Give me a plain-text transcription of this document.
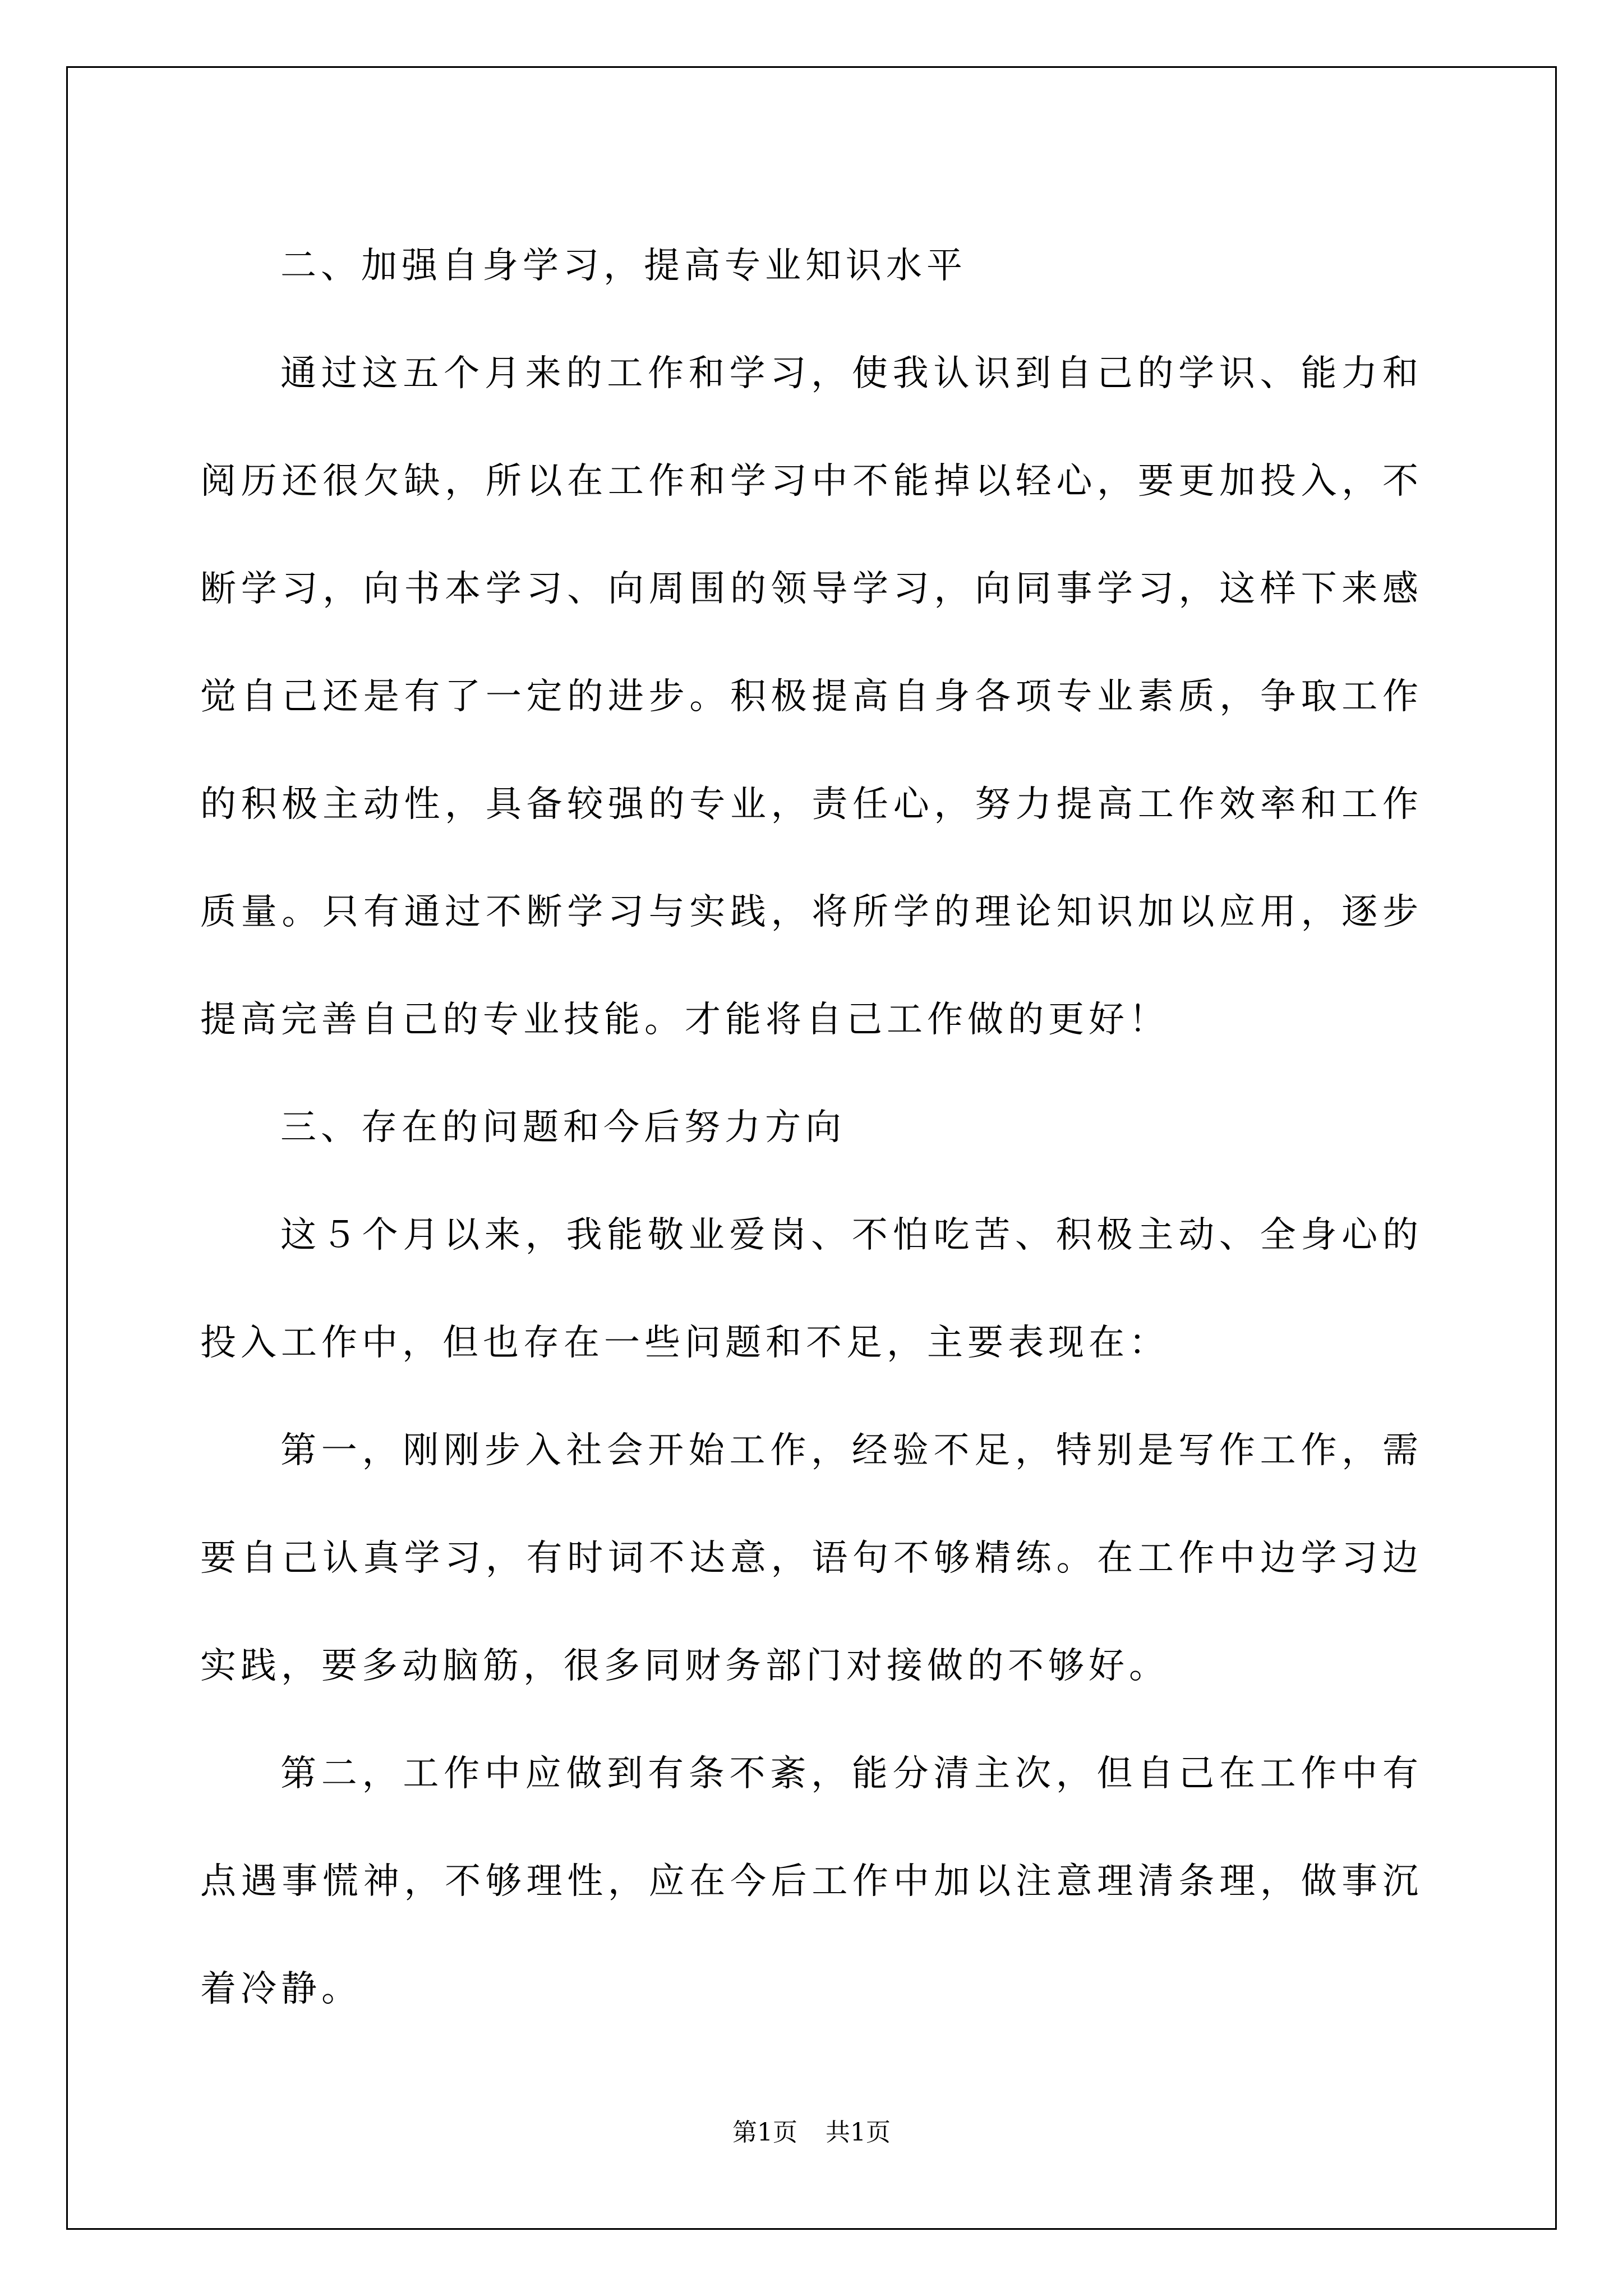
二、加强自身学习，提高专业知识水平

通过这五个月来的工作和学习，使我认识到自己的学识、能力和阅历还很欠缺，所以在工作和学习中不能掉以轻心，要更加投入，不断学习，向书本学习、向周围的领导学习，向同事学习，这样下来感觉自己还是有了一定的进步。积极提高自身各项专业素质，争取工作的积极主动性，具备较强的专业，责任心，努力提高工作效率和工作质量。只有通过不断学习与实践，将所学的理论知识加以应用，逐步提高完善自己的专业技能。才能将自己工作做的更好！

三、存在的问题和今后努力方向

这５个月以来，我能敬业爱岗、不怕吃苦、积极主动、全身心的投入工作中，但也存在一些问题和不足，主要表现在：

第一，刚刚步入社会开始工作，经验不足，特别是写作工作，需要自己认真学习，有时词不达意，语句不够精练。在工作中边学习边实践，要多动脑筋，很多同财务部门对接做的不够好。

第二，工作中应做到有条不紊，能分清主次，但自己在工作中有点遇事慌神，不够理性，应在今后工作中加以注意理清条理，做事沉着冷静。

第1页 共1页
